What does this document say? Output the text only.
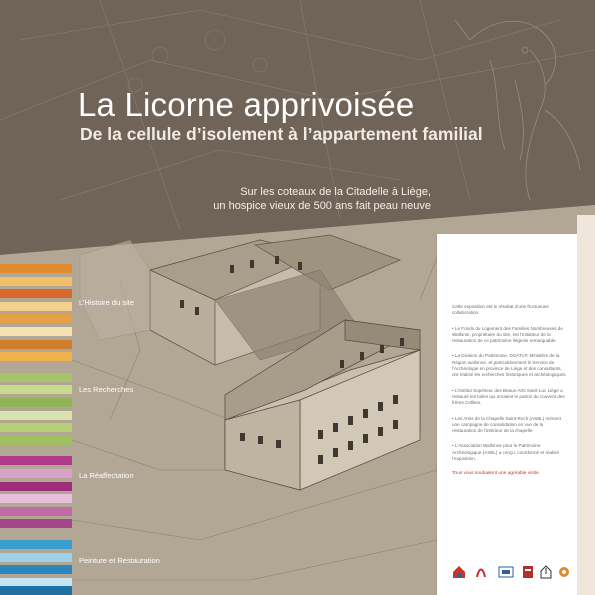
La Licorne apprivoisée
De la cellule d’isolement à l’appartement familial
Sur les coteaux de la Citadelle à Liège,
un hospice vieux de 500 ans fait peau neuve
L’Histoire du site
Les Recherches
La Réaffectation
Peinture et Restauration

Cette exposition est le résultat d’une fructueuse collaboration.

• Le Fonds du Logement des Familles Nombreuses de Wallonie, propriétaire du site, est l’initiateur de la restauration de ce patrimoine liégeois remarquable.

• La Division du Patrimoine, DGATLP, Ministère de la Région wallonne, et particulièrement le Service de l’Archéologie en province de Liège et des consultants, ont réalisé les recherches historiques et archéologiques.

• L’Institut Supérieur des Beaux-Arts Saint-Luc Liège a restauré les toiles qui ornaient le parloir du couvent des frères Cellites.

• Les Amis de la Chapelle Saint-Roch (ASBL) mènent une campagne de consolidation en vue de la restauration de l’intérieur de la chapelle.

• L’Association Wallonne pour le Patrimoine Archéologique (ASBL) a conçu, coordonné et réalisé l’exposition.

Tous vous souhaitent une agréable visite.
